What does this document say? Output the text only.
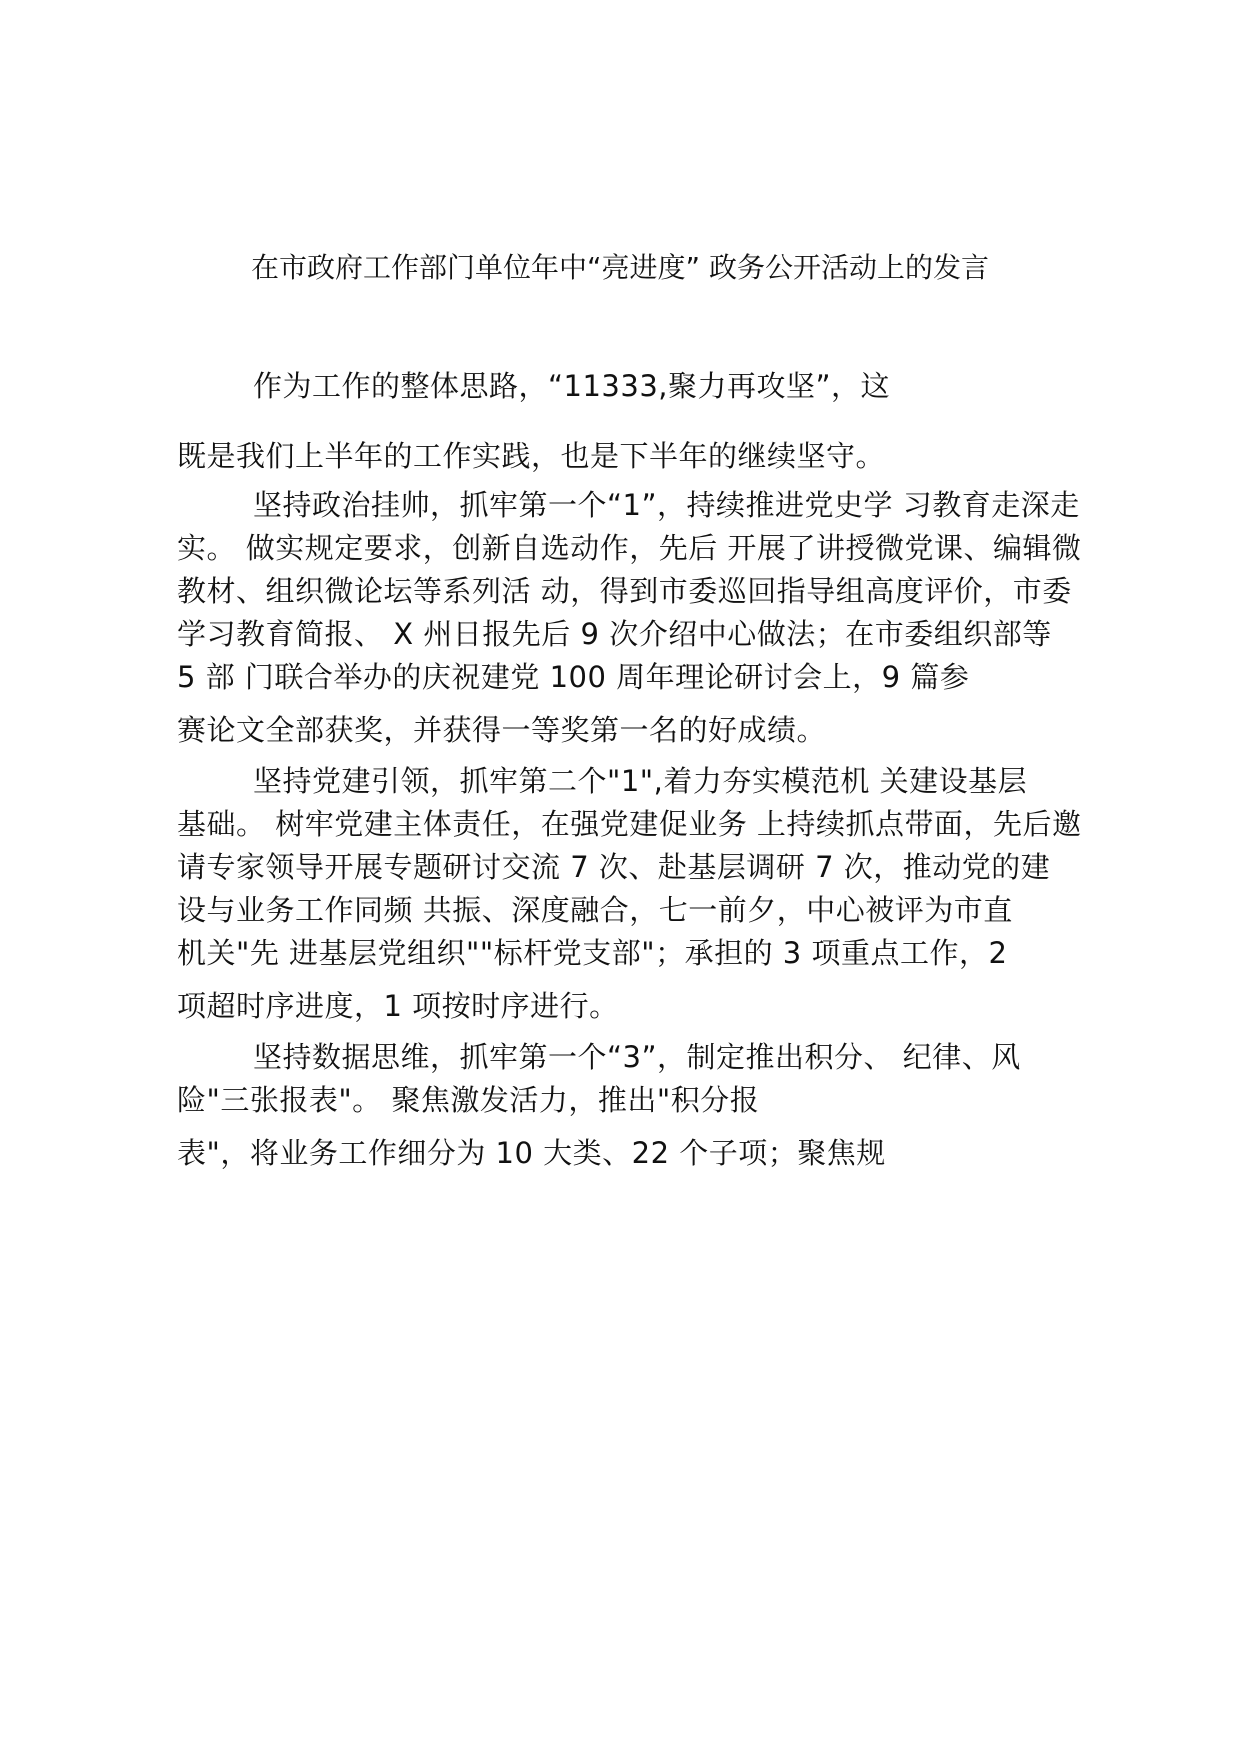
在市政府工作部门单位年中“亮进度” 政务公开活动上的发言
作为工作的整体思路，“11333,聚力再攻坚”，这
既是我们上半年的工作实践，也是下半年的继续坚守。
坚持政治挂帅，抓牢第一个“1”，持续推进党史学 习教育走深走
实。 做实规定要求，创新自选动作，先后 开展了讲授微党课、编辑微
教材、组织微论坛等系列活 动，得到市委巡回指导组高度评价，市委
学习教育简报、 X 州日报先后 9 次介绍中心做法；在市委组织部等
5 部 门联合举办的庆祝建党 100 周年理论研讨会上，9 篇参
赛论文全部获奖，并获得一等奖第一名的好成绩。
坚持党建引领，抓牢第二个"1",着力夯实模范机 关建设基层
基础。 树牢党建主体责任，在强党建促业务 上持续抓点带面，先后邀
请专家领导开展专题研讨交流 7 次、赴基层调研 7 次，推动党的建
设与业务工作同频 共振、深度融合，七一前夕，中心被评为市直
机关"先 进基层党组织""标杆党支部"；承担的 3 项重点工作，2
项超时序进度，1 项按时序进行。
坚持数据思维，抓牢第一个“3”，制定推出积分、 纪律、风
险"三张报表"。 聚焦激发活力，推出"积分报
表"，将业务工作细分为 10 大类、22 个子项；聚焦规
